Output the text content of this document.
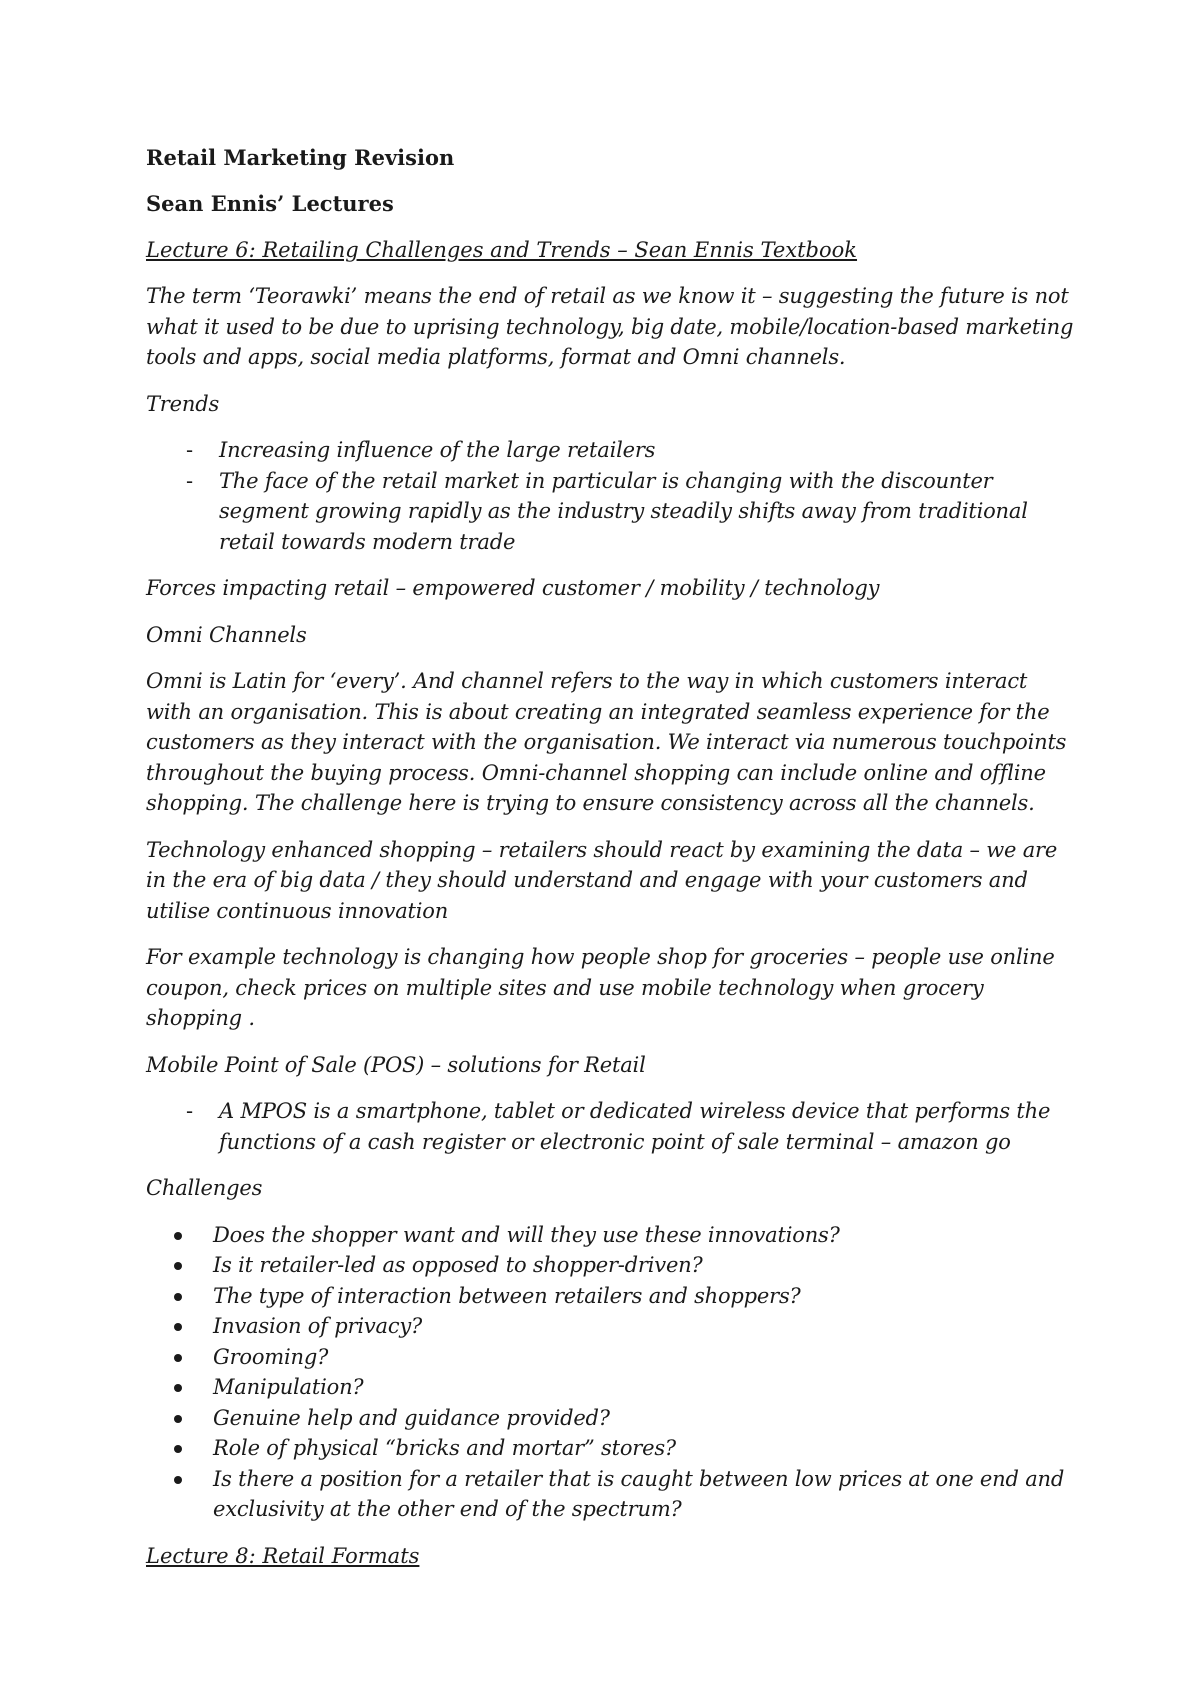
Retail Marketing Revision
Sean Ennis’ Lectures
Lecture 6: Retailing Challenges and Trends – Sean Ennis Textbook

The term ‘Teorawki’ means the end of retail as we know it – suggesting the future is not what it used to be due to uprising technology, big date, mobile/location-based marketing tools and apps, social media platforms, format and Omni channels.

Trends

- Increasing influence of the large retailers
- The face of the retail market in particular is changing with the discounter segment growing rapidly as the industry steadily shifts away from traditional retail towards modern trade

Forces impacting retail – empowered customer / mobility / technology

Omni Channels

Omni is Latin for ‘every’. And channel refers to the way in which customers interact with an organisation. This is about creating an integrated seamless experience for the customers as they interact with the organisation. We interact via numerous touchpoints throughout the buying process. Omni-channel shopping can include online and offline shopping. The challenge here is trying to ensure consistency across all the channels.

Technology enhanced shopping – retailers should react by examining the data – we are in the era of big data / they should understand and engage with your customers and utilise continuous innovation

For example technology is changing how people shop for groceries – people use online coupon, check prices on multiple sites and use mobile technology when grocery shopping .

Mobile Point of Sale (POS) – solutions for Retail

- A MPOS is a smartphone, tablet or dedicated wireless device that performs the functions of a cash register or electronic point of sale terminal – amazon go

Challenges

Does the shopper want and will they use these innovations?
Is it retailer-led as opposed to shopper-driven?
The type of interaction between retailers and shoppers?
Invasion of privacy?
Grooming?
Manipulation?
Genuine help and guidance provided?
Role of physical “bricks and mortar” stores?
Is there a position for a retailer that is caught between low prices at one end and exclusivity at the other end of the spectrum?
Lecture 8: Retail Formats
